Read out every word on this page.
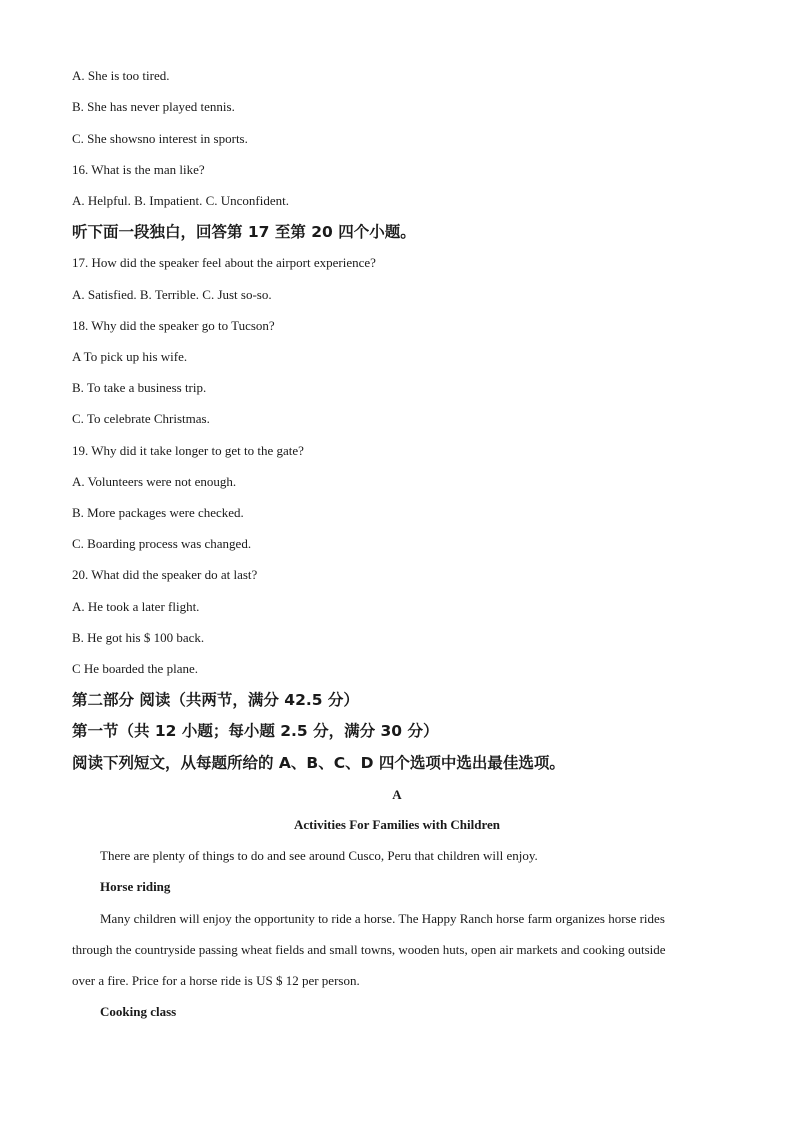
A. She is too tired.
B. She has never played tennis.
C. She showsno interest in sports.
16. What is the man like?
A. Helpful. B. Impatient. C. Unconfident.
听下面一段独白，回答第 17 至第 20 四个小题。
17. How did the speaker feel about the airport experience?
A. Satisfied. B. Terrible. C. Just so-so.
18. Why did the speaker go to Tucson?
A To pick up his wife.
B. To take a business trip.
C. To celebrate Christmas.
19. Why did it take longer to get to the gate?
A. Volunteers were not enough.
B. More packages were checked.
C. Boarding process was changed.
20. What did the speaker do at last?
A. He took a later flight.
B. He got his $ 100 back.
C He boarded the plane.
第二部分 阅读（共两节，满分 42.5 分）
第一节（共 12 小题；每小题 2.5 分，满分 30 分）
阅读下列短文，从每题所给的 A、B、C、D 四个选项中选出最佳选项。
A
Activities For Families with Children
There are plenty of things to do and see around Cusco, Peru that children will enjoy.
Horse riding
Many children will enjoy the opportunity to ride a horse. The Happy Ranch horse farm organizes horse rides
through the countryside passing wheat fields and small towns, wooden huts, open air markets and cooking outside
over a fire. Price for a horse ride is US $ 12 per person.
Cooking class
